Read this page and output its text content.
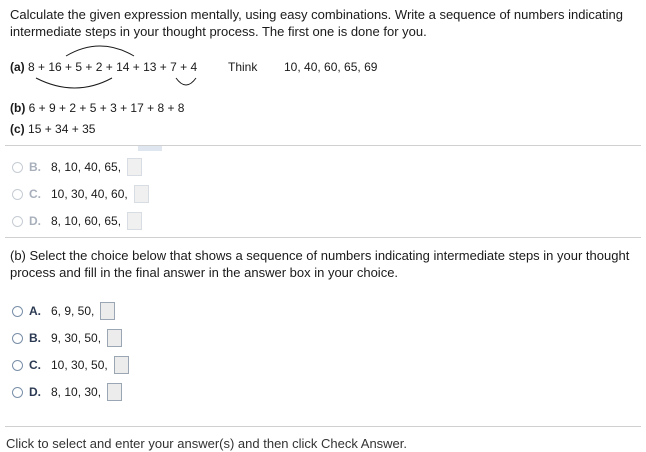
Calculate the given expression mentally, using easy combinations. Write a sequence of numbers indicating intermediate steps in your thought process. The first one is done for you.
(a) 8 + 16 + 5 + 2 + 14 + 13 + 7 + 4	Think 10, 40, 60, 65, 69
(b) 6 + 9 + 2 + 5 + 3 + 17 + 8 + 8
(c) 15 + 34 + 35
B. 8, 10, 40, 65,
C. 10, 30, 40, 60,
D. 8, 10, 60, 65,
(b) Select the choice below that shows a sequence of numbers indicating intermediate steps in your thought process and fill in the final answer in the answer box in your choice.
A. 6, 9, 50,
B. 9, 30, 50,
C. 10, 30, 50,
D. 8, 10, 30,
Click to select and enter your answer(s) and then click Check Answer.
